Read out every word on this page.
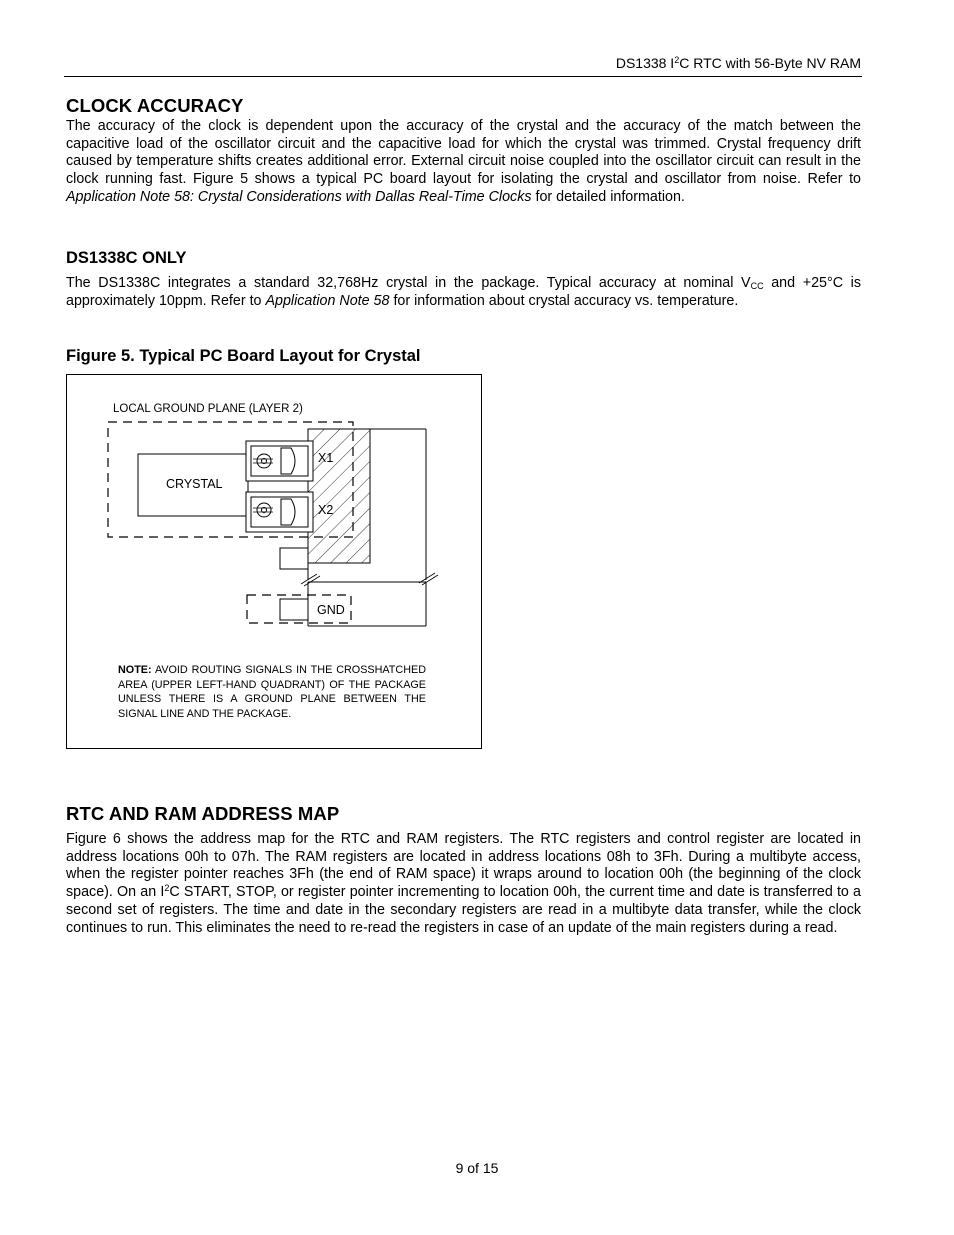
DS1338 $I^2C$ RTC with 56-Byte NV RAM
CLOCK ACCURACY
The accuracy of the clock is dependent upon the accuracy of the crystal and the accuracy of the match between the capacitive load of the oscillator circuit and the capacitive load for which the crystal was trimmed. Crystal frequency drift caused by temperature shifts creates additional error. External circuit noise coupled into the oscillator circuit can result in the clock running fast. Figure 5 shows a typical PC board layout for isolating the crystal and oscillator from noise. Refer to Application Note 58: Crystal Considerations with Dallas Real-Time Clocks for detailed information.
DS1338C ONLY
The DS1338C integrates a standard 32,768Hz crystal in the package. Typical accuracy at nominal $V_{CC}$ and +25°C is approximately 10ppm. Refer to Application Note 58 for information about crystal accuracy vs. temperature.
Figure 5. Typical PC Board Layout for Crystal
LOCAL GROUND PLANE (LAYER 2)
CRYSTAL
X1
X2
GND
NOTE: AVOID ROUTING SIGNALS IN THE CROSSHATCHED AREA (UPPER LEFT-HAND QUADRANT) OF THE PACKAGE UNLESS THERE IS A GROUND PLANE BETWEEN THE SIGNAL LINE AND THE PACKAGE.
RTC AND RAM ADDRESS MAP
Figure 6 shows the address map for the RTC and RAM registers. The RTC registers and control register are located in address locations 00h to 07h. The RAM registers are located in address locations 08h to 3Fh. During a multibyte access, when the register pointer reaches 3Fh (the end of RAM space) it wraps around to location 00h (the beginning of the clock space). On an $I^2C$ START, STOP, or register pointer incrementing to location 00h, the current time and date is transferred to a second set of registers. The time and date in the secondary registers are read in a multibyte data transfer, while the clock continues to run. This eliminates the need to re-read the registers in case of an update of the main registers during a read.
9 of 15
